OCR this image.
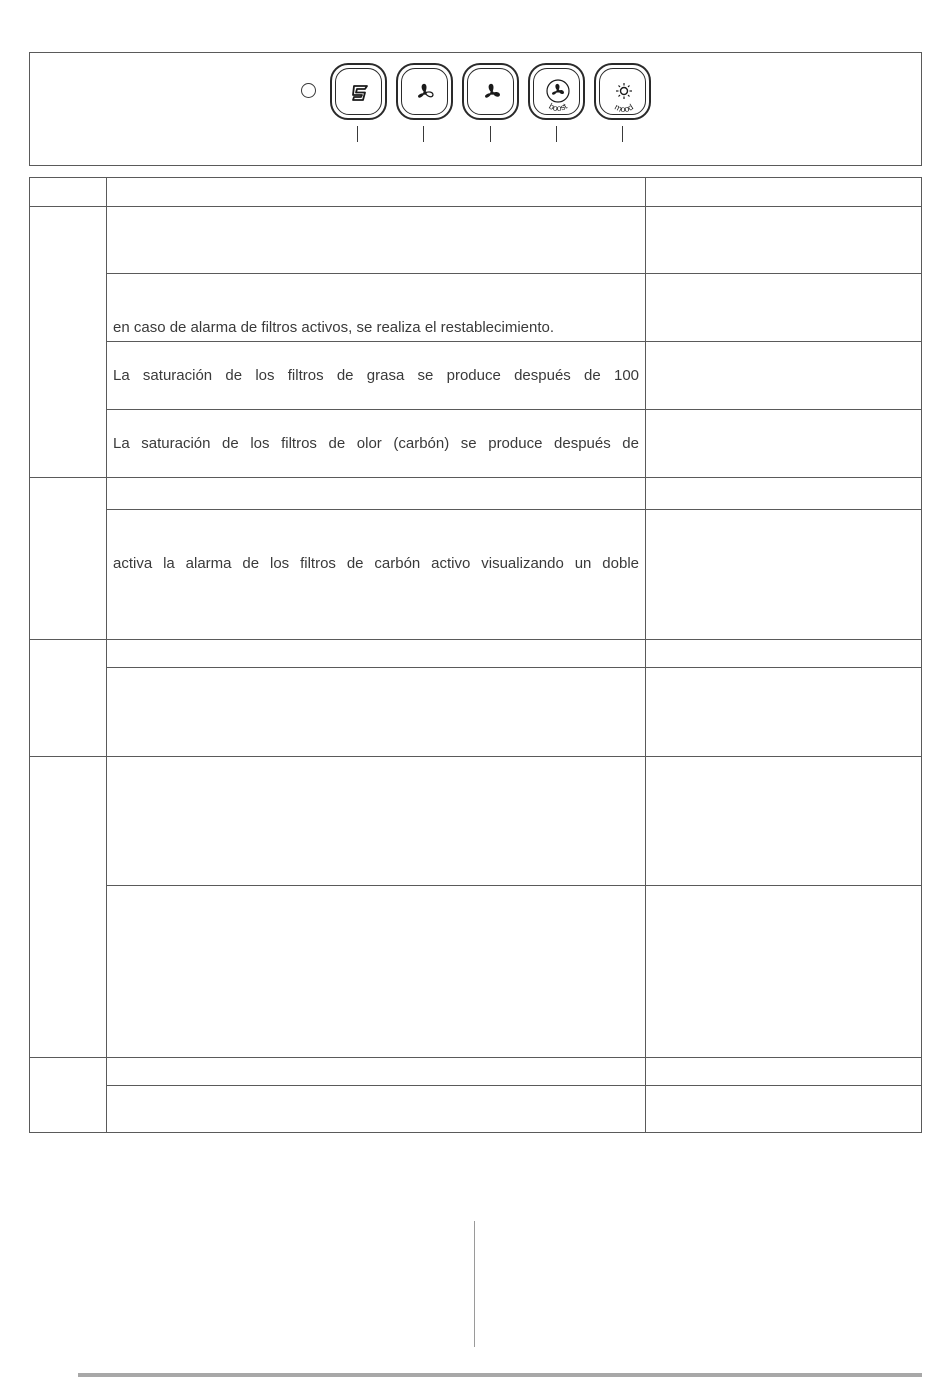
boost	mood
en caso de alarma de filtros activos, se realiza el restablecimiento.
La saturación de los filtros de grasa se produce después de 100
La saturación de los filtros de olor (carbón) se produce después de
activa la alarma de los filtros de carbón activo visualizando un doble
